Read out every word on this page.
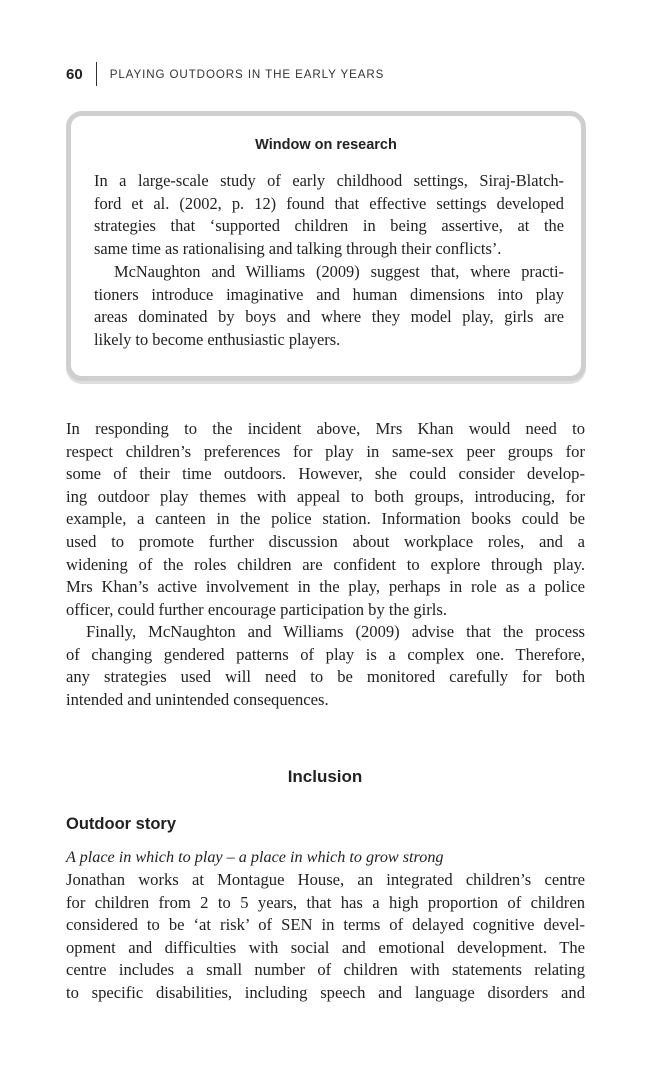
60 PLAYING OUTDOORS IN THE EARLY YEARS
Window on research
In a large-scale study of early childhood settings, Siraj-Blatch-
ford et al. (2002, p. 12) found that effective settings developed
strategies that ‘supported children in being assertive, at the
same time as rationalising and talking through their conflicts’.
McNaughton and Williams (2009) suggest that, where practi-
tioners introduce imaginative and human dimensions into play
areas dominated by boys and where they model play, girls are
likely to become enthusiastic players.
In responding to the incident above, Mrs Khan would need to
respect children’s preferences for play in same-sex peer groups for
some of their time outdoors. However, she could consider develop-
ing outdoor play themes with appeal to both groups, introducing, for
example, a canteen in the police station. Information books could be
used to promote further discussion about workplace roles, and a
widening of the roles children are confident to explore through play.
Mrs Khan’s active involvement in the play, perhaps in role as a police
officer, could further encourage participation by the girls.
Finally, McNaughton and Williams (2009) advise that the process
of changing gendered patterns of play is a complex one. Therefore,
any strategies used will need to be monitored carefully for both
intended and unintended consequences.
Inclusion
Outdoor story
A place in which to play – a place in which to grow strong
Jonathan works at Montague House, an integrated children’s centre
for children from 2 to 5 years, that has a high proportion of children
considered to be ‘at risk’ of SEN in terms of delayed cognitive devel-
opment and difficulties with social and emotional development. The
centre includes a small number of children with statements relating
to specific disabilities, including speech and language disorders and
